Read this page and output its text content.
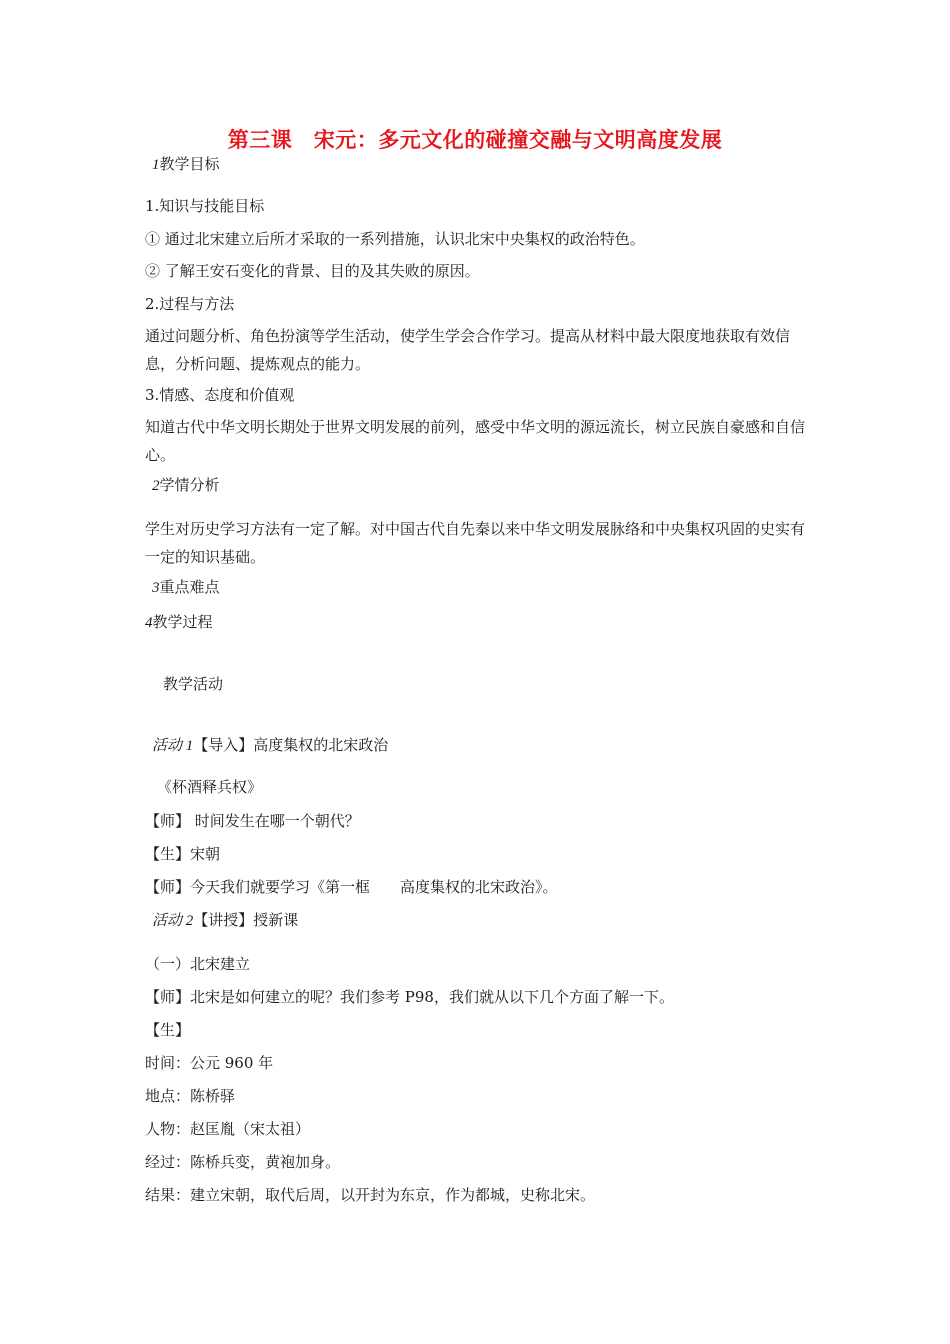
第三课　宋元：多元文化的碰撞交融与文明高度发展
1教学目标
1.知识与技能目标
① 通过北宋建立后所才采取的一系列措施，认识北宋中央集权的政治特色。
② 了解王安石变化的背景、目的及其失败的原因。
2.过程与方法
通过问题分析、角色扮演等学生活动，使学生学会合作学习。提高从材料中最大限度地获取有效信息，分析问题、提炼观点的能力。
3.情感、态度和价值观
知道古代中华文明长期处于世界文明发展的前列，感受中华文明的源远流长，树立民族自豪感和自信心。
2学情分析
学生对历史学习方法有一定了解。对中国古代自先秦以来中华文明发展脉络和中央集权巩固的史实有一定的知识基础。
3重点难点
4教学过程
教学活动
活动 1【导入】高度集权的北宋政治
《杯酒释兵权》
【师】 时间发生在哪一个朝代？
【生】宋朝
【师】今天我们就要学习《第一框　　高度集权的北宋政治》。
活动 2【讲授】授新课
（一）北宋建立
【师】北宋是如何建立的呢？我们参考 P98，我们就从以下几个方面了解一下。
【生】
时间：公元 960 年
地点：陈桥驿
人物：赵匡胤（宋太祖）
经过：陈桥兵变，黄袍加身。
结果：建立宋朝，取代后周，以开封为东京，作为都城，史称北宋。
